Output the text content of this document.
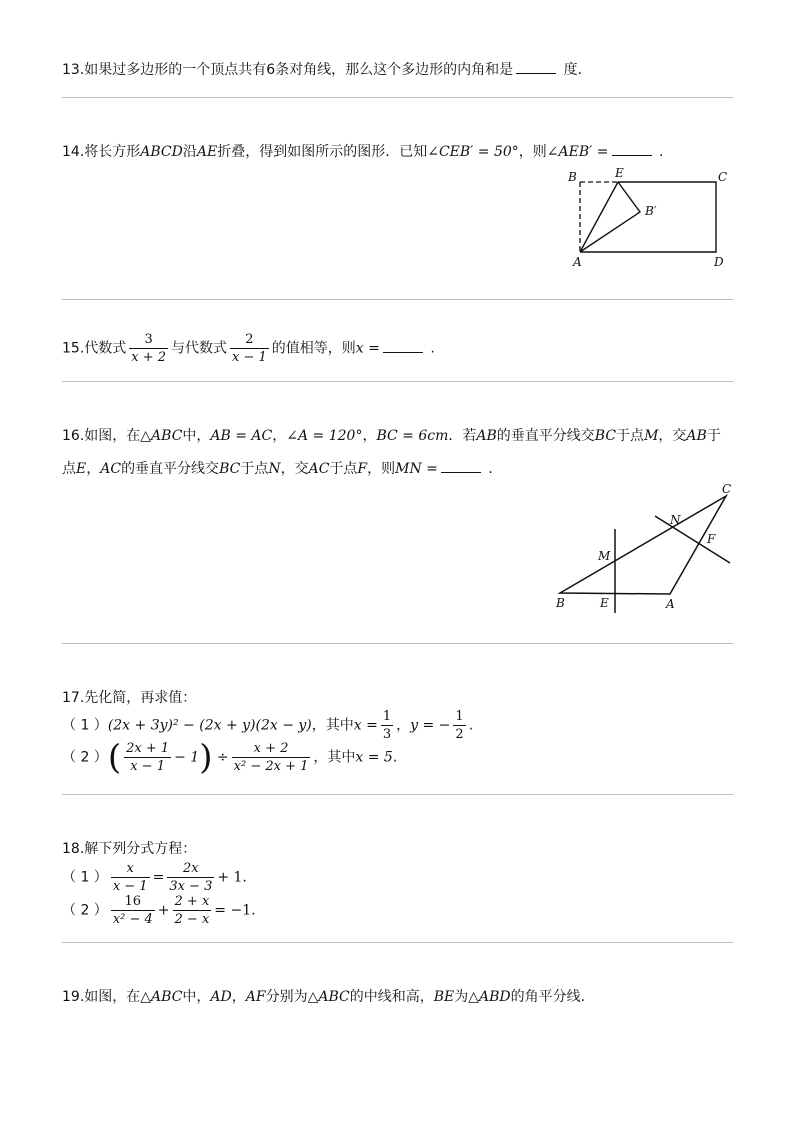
13.如果过多边形的一个顶点共有6条对角线，那么这个多边形的内角和是	度.
14.将长方形ABCD沿AE折叠，得到如图所示的图形．已知∠CEB′ = 50°，则∠AEB′ =	.
B	E	C
B′
A	D
15.代数式 $\frac{3}{x + 2}$ 与代数式 $\frac{2}{x - 1}$ 的值相等，则x =	.
16.如图，在△ABC中，AB = AC，∠A = 120°，BC = 6cm．若AB的垂直平分线交BC于点M，交AB于
点E，AC的垂直平分线交BC于点N，交AC于点F，则MN =	.
C
N
F
M
B	E	A
17.先化简，再求值：
（ 1 ）(2x + 3y)² − (2x + y)(2x − y)，其中$x = \frac{1}{3}$ ，y = − $\frac{1}{2}$ .
（ 2 ）( $\frac{2x + 1}{x - 1} - 1) \div \frac{x + 2}{\text{x² − 2x + 1}}$ ，其中x = 5.
18.解下列分式方程：
（ 1 ） $\frac{x}{x - 1} = \frac{2x}{3x - 3} + 1$.
（ 2 ） $\frac{16}{\text{x² − 4}} + \frac{2 + x}{2 - x} = -1$.
19.如图，在△ABC中，AD，AF分别为△ABC的中线和高，BE为△ABD的角平分线.
